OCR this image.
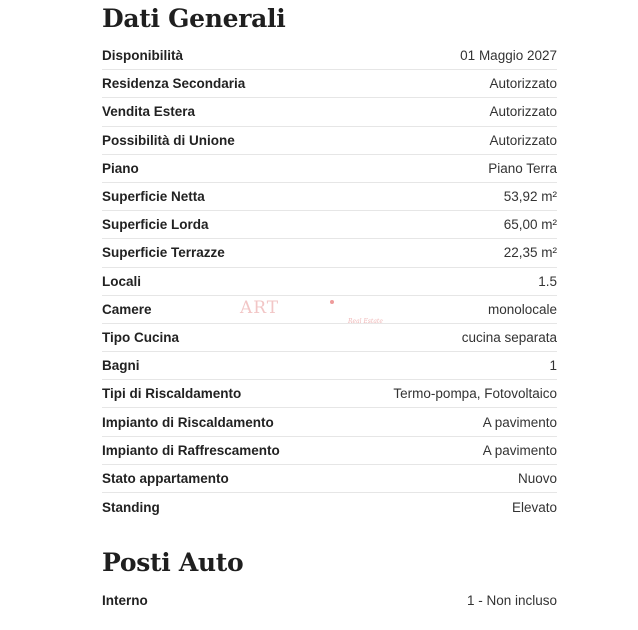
Dati Generali
Disponibilità	01 Maggio 2027
Residenza Secondaria	Autorizzato
Vendita Estera	Autorizzato
Possibilità di Unione	Autorizzato
Piano	Piano Terra
Superficie Netta	53,92 m²
Superficie Lorda	65,00 m²
Superficie Terrazze	22,35 m²
Locali	1.5
Camere	monolocale
Tipo Cucina	cucina separata
Bagni	1
Tipi di Riscaldamento	Termo-pompa, Fotovoltaico
Impianto di Riscaldamento	A pavimento
Impianto di Raffrescamento	A pavimento
Stato appartamento	Nuovo
Standing	Elevato
Posti Auto
Interno	1 - Non incluso
ART
Real Estate
